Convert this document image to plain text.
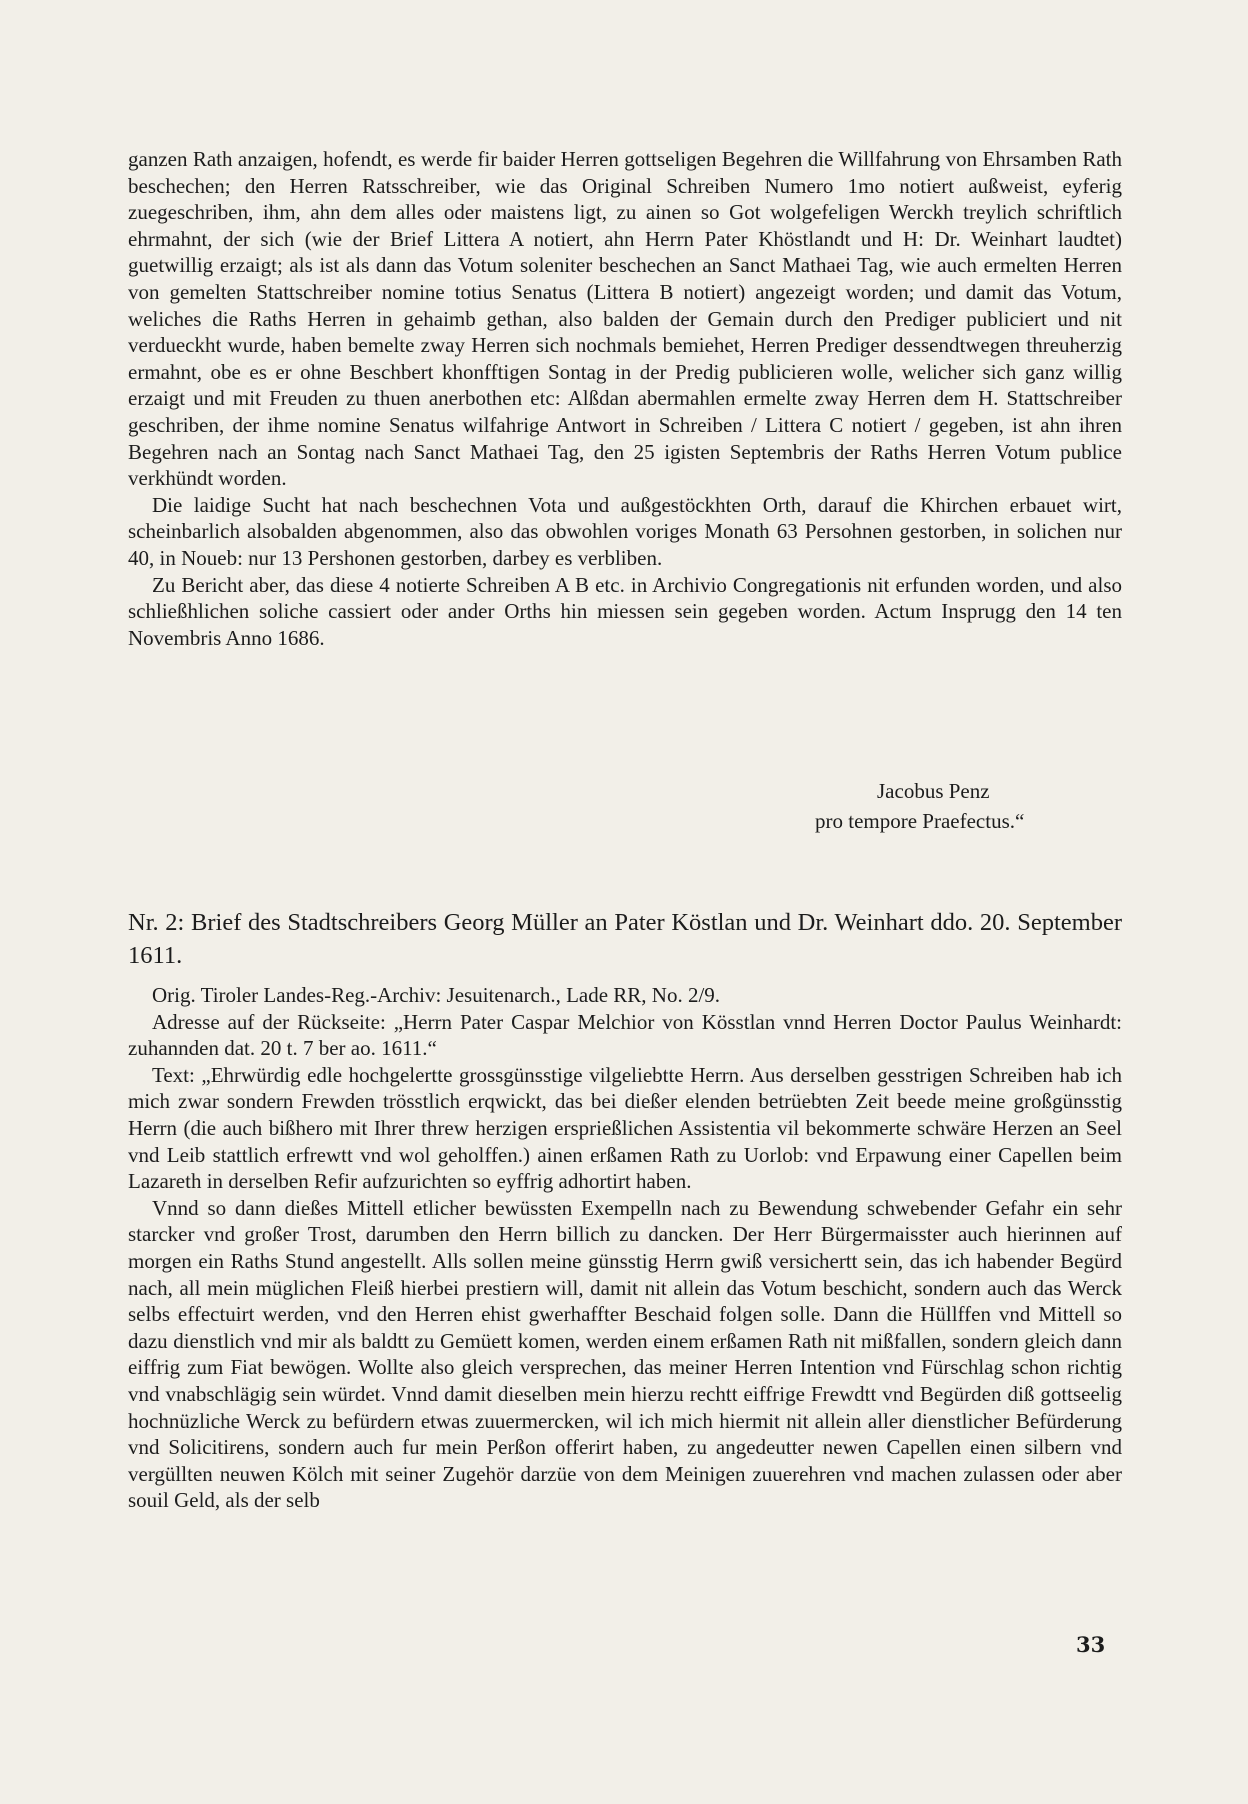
ganzen Rath anzaigen, hofendt, es werde fir baider Herren gottseligen Begehren die Willfahrung von Ehrsamben Rath beschechen; den Herren Ratsschreiber, wie das Original Schreiben Numero 1mo notiert außweist, eyferig zuegeschriben, ihm, ahn dem alles oder maistens ligt, zu ainen so Got wolgefeligen Werckh treylich schriftlich ehrmahnt, der sich (wie der Brief Littera A notiert, ahn Herrn Pater Khöstlandt und H: Dr. Weinhart laudtet) guetwillig erzaigt; als ist als dann das Votum soleniter beschechen an Sanct Mathaei Tag, wie auch ermelten Herren von gemelten Stattschreiber nomine totius Senatus (Littera B notiert) angezeigt worden; und damit das Votum, weliches die Raths Herren in gehaimb gethan, also balden der Gemain durch den Prediger publiciert und nit verdueckht wurde, haben bemelte zway Herren sich nochmals bemiehet, Herren Prediger dessendtwegen threuherzig ermahnt, obe es er ohne Beschbert khonfftigen Sontag in der Predig publicieren wolle, welicher sich ganz willig erzaigt und mit Freuden zu thuen anerbothen etc: Alßdan abermahlen ermelte zway Herren dem H. Stattschreiber geschriben, der ihme nomine Senatus wilfahrige Antwort in Schreiben / Littera C notiert / gegeben, ist ahn ihren Begehren nach an Sontag nach Sanct Mathaei Tag, den 25 igisten Septembris der Raths Herren Votum publice verkhündt worden.

Die laidige Sucht hat nach beschechnen Vota und außgestöckhten Orth, darauf die Khirchen erbauet wirt, scheinbarlich alsobalden abgenommen, also das obwohlen voriges Monath 63 Persohnen gestorben, in solichen nur 40, in Noueb: nur 13 Pershonen gestorben, darbey es verbliben.

Zu Bericht aber, das diese 4 notierte Schreiben A B etc. in Archivio Congregationis nit erfunden worden, und also schließhlichen soliche cassiert oder ander Orths hin miessen sein gegeben worden. Actum Insprugg den 14 ten Novembris Anno 1686.

Jacobus Penz
pro tempore Praefectus.“
Nr. 2: Brief des Stadtschreibers Georg Müller an Pater Köstlan und Dr. Weinhart ddo. 20. September 1611.

Orig. Tiroler Landes-Reg.-Archiv: Jesuitenarch., Lade RR, No. 2/9.

Adresse auf der Rückseite: „Herrn Pater Caspar Melchior von Kösstlan vnnd Herren Doctor Paulus Weinhardt: zuhannden dat. 20 t. 7 ber ao. 1611.“

Text: „Ehrwürdig edle hochgelertte grossgünsstige vilgeliebtte Herrn. Aus derselben gesstrigen Schreiben hab ich mich zwar sondern Frewden trösstlich erqwickt, das bei dießer elenden betrüebten Zeit beede meine großgünsstig Herrn (die auch bißhero mit Ihrer threw herzigen ersprießlichen Assistentia vil bekommerte schwäre Herzen an Seel vnd Leib stattlich erfrewtt vnd wol geholffen.) ainen erßamen Rath zu Uorlob: vnd Erpawung einer Capellen beim Lazareth in derselben Refir aufzurichten so eyffrig adhortirt haben.

Vnnd so dann dießes Mittell etlicher bewüssten Exempelln nach zu Bewendung schwebender Gefahr ein sehr starcker vnd großer Trost, darumben den Herrn billich zu dancken. Der Herr Bürgermaisster auch hierinnen auf morgen ein Raths Stund angestellt. Alls sollen meine günsstig Herrn gwiß versichertt sein, das ich habender Begürd nach, all mein müglichen Fleiß hierbei prestiern will, damit nit allein das Votum beschicht, sondern auch das Werck selbs effectuirt werden, vnd den Herren ehist gwerhaffter Beschaid folgen solle. Dann die Hüllffen vnd Mittell so dazu dienstlich vnd mir als baldtt zu Gemüett komen, werden einem erßamen Rath nit mißfallen, sondern gleich dann eiffrig zum Fiat bewögen. Wollte also gleich versprechen, das meiner Herren Intention vnd Fürschlag schon richtig vnd vnabschlägig sein würdet. Vnnd damit dieselben mein hierzu rechtt eiffrige Frewdtt vnd Begürden diß gottseelig hochnüzliche Werck zu befürdern etwas zuuermercken, wil ich mich hiermit nit allein aller dienstlicher Befürderung vnd Solicitirens, sondern auch fur mein Perßon offerirt haben, zu angedeutter newen Capellen einen silbern vnd vergüllten neuwen Kölch mit seiner Zugehör darzüe von dem Meinigen zuuerehren vnd machen zulassen oder aber souil Geld, als der selb

33
